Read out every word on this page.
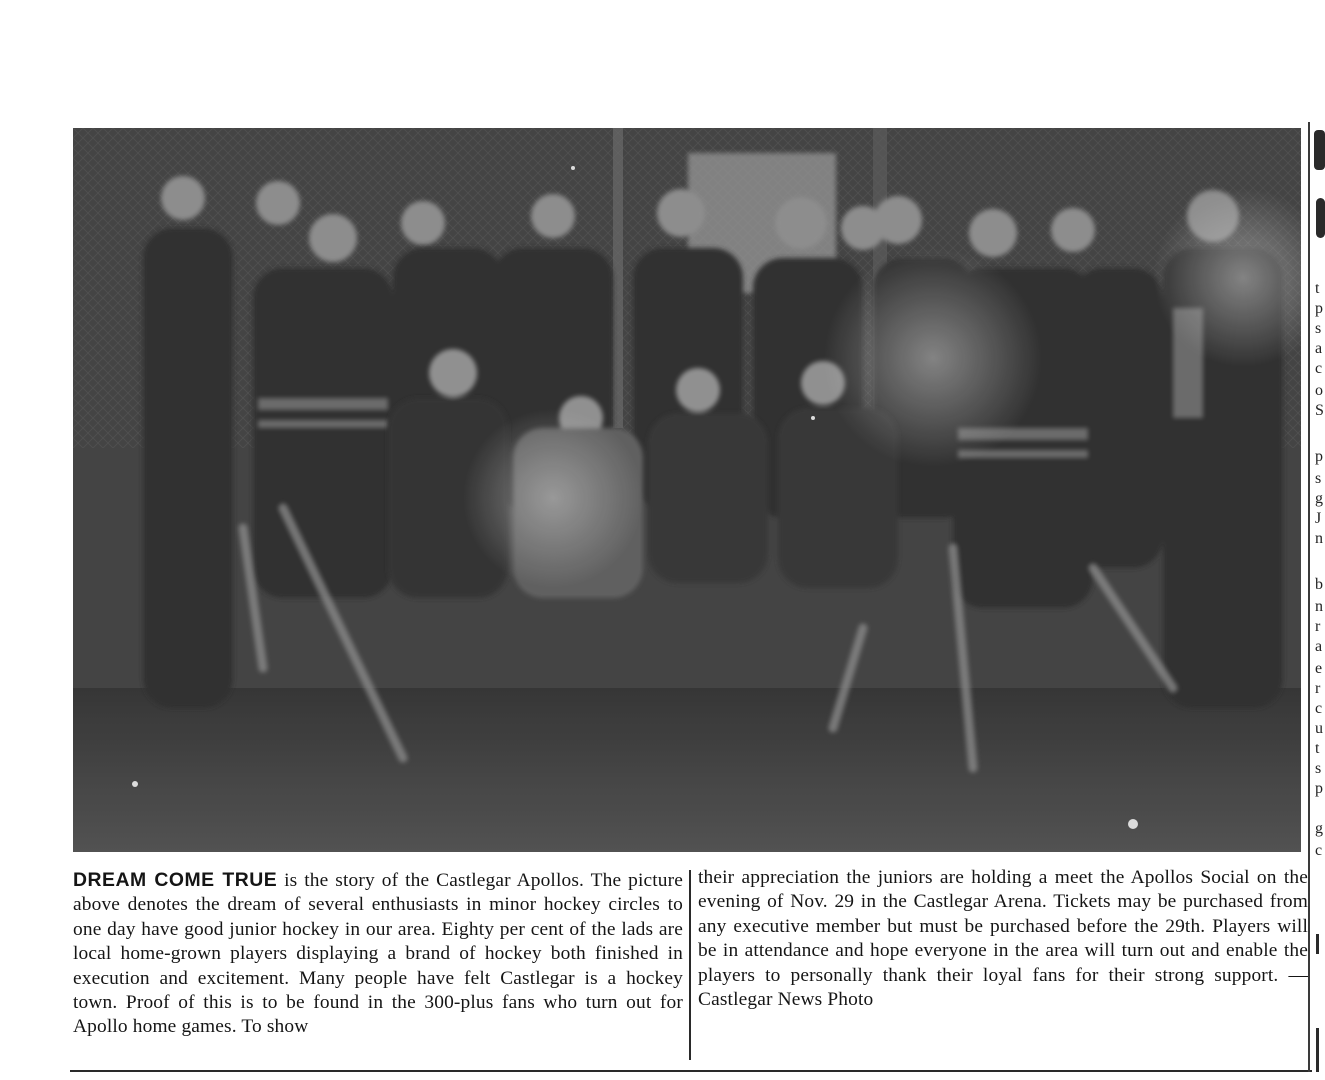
DREAM COME TRUE is the story of the Castlegar Apollos. The picture above denotes the dream of several enthusiasts in minor hockey circles to one day have good junior hockey in our area. Eighty per cent of the lads are local home-grown players displaying a brand of hockey both finished in execution and excitement. Many people have felt Castlegar is a hockey town. Proof of this is to be found in the 300-plus fans who turn out for Apollo home games. To show
their appreciation the juniors are holding a meet the Apollos Social on the evening of Nov. 29 in the Castlegar Arena. Tickets may be purchased from any executive member but must be purchased before the 29th. Players will be in attendance and hope everyone in the area will turn out and enable the players to personally thank their loyal fans for their strong support. — Castlegar News Photo
t
p
s
a
c
o
S
p
s
g
J
n
b
n
r
a
e
r
c
u
t
s
p
g
c
